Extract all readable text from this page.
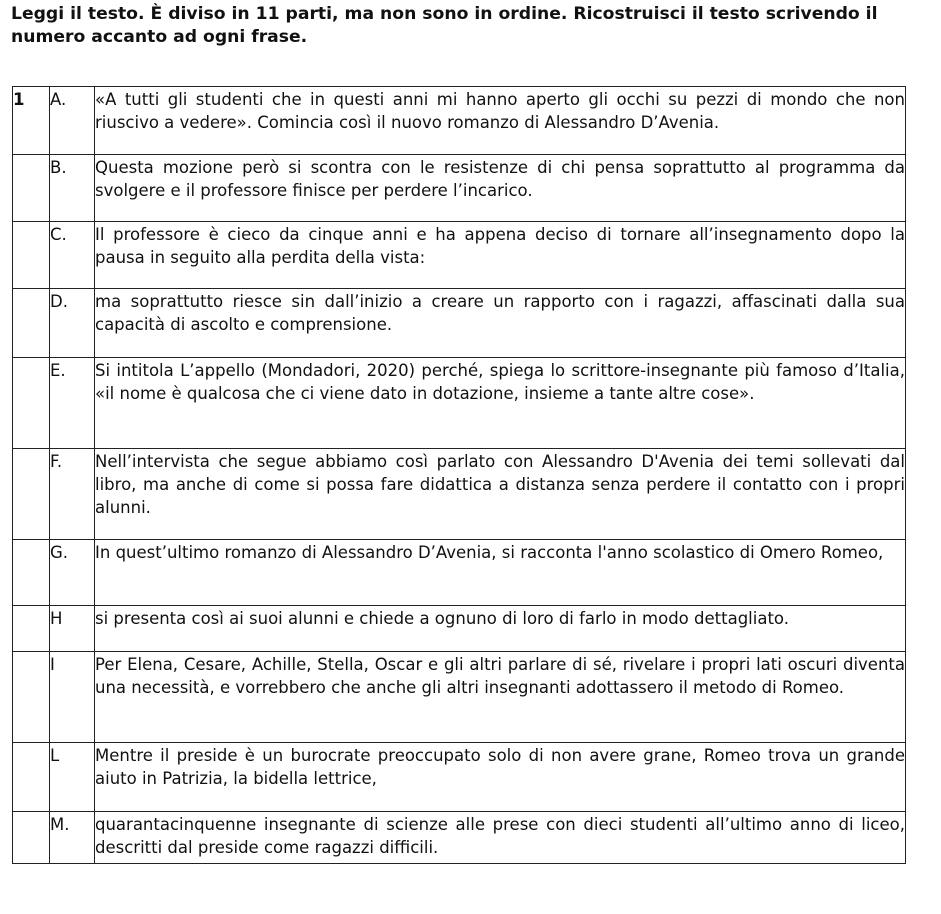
Leggi il testo. È diviso in 11 parti, ma non sono in ordine. Ricostruisci il testo scrivendo il numero accanto ad ogni frase.

1	A.	«A tutti gli studenti che in questi anni mi hanno aperto gli occhi su pezzi di mondo che non riuscivo a vedere». Comincia così il nuovo romanzo di Alessandro D’Avenia.
	B.	Questa mozione però si scontra con le resistenze di chi pensa soprattutto al programma da svolgere e il professore finisce per perdere l’incarico.
	C.	Il professore è cieco da cinque anni e ha appena deciso di tornare all’insegnamento dopo la pausa in seguito alla perdita della vista:
	D.	ma soprattutto riesce sin dall’inizio a creare un rapporto con i ragazzi, affascinati dalla sua capacità di ascolto e comprensione.
	E.	Si intitola L’appello (Mondadori, 2020) perché, spiega lo scrittore-insegnante più famoso d’Italia, «il nome è qualcosa che ci viene dato in dotazione, insieme a tante altre cose».
	F.	Nell’intervista che segue abbiamo così parlato con Alessandro D'Avenia dei temi sollevati dal libro, ma anche di come si possa fare didattica a distanza senza perdere il contatto con i propri alunni.
	G.	In quest’ultimo romanzo di Alessandro D’Avenia, si racconta l'anno scolastico di Omero Romeo,
	H	si presenta così ai suoi alunni e chiede a ognuno di loro di farlo in modo dettagliato.
	I	Per Elena, Cesare, Achille, Stella, Oscar e gli altri parlare di sé, rivelare i propri lati oscuri diventa una necessità, e vorrebbero che anche gli altri insegnanti adottassero il metodo di Romeo.
	L	Mentre il preside è un burocrate preoccupato solo di non avere grane, Romeo trova un grande aiuto in Patrizia, la bidella lettrice,
	M.	quarantacinquenne insegnante di scienze alle prese con dieci studenti all’ultimo anno di liceo, descritti dal preside come ragazzi difficili.
